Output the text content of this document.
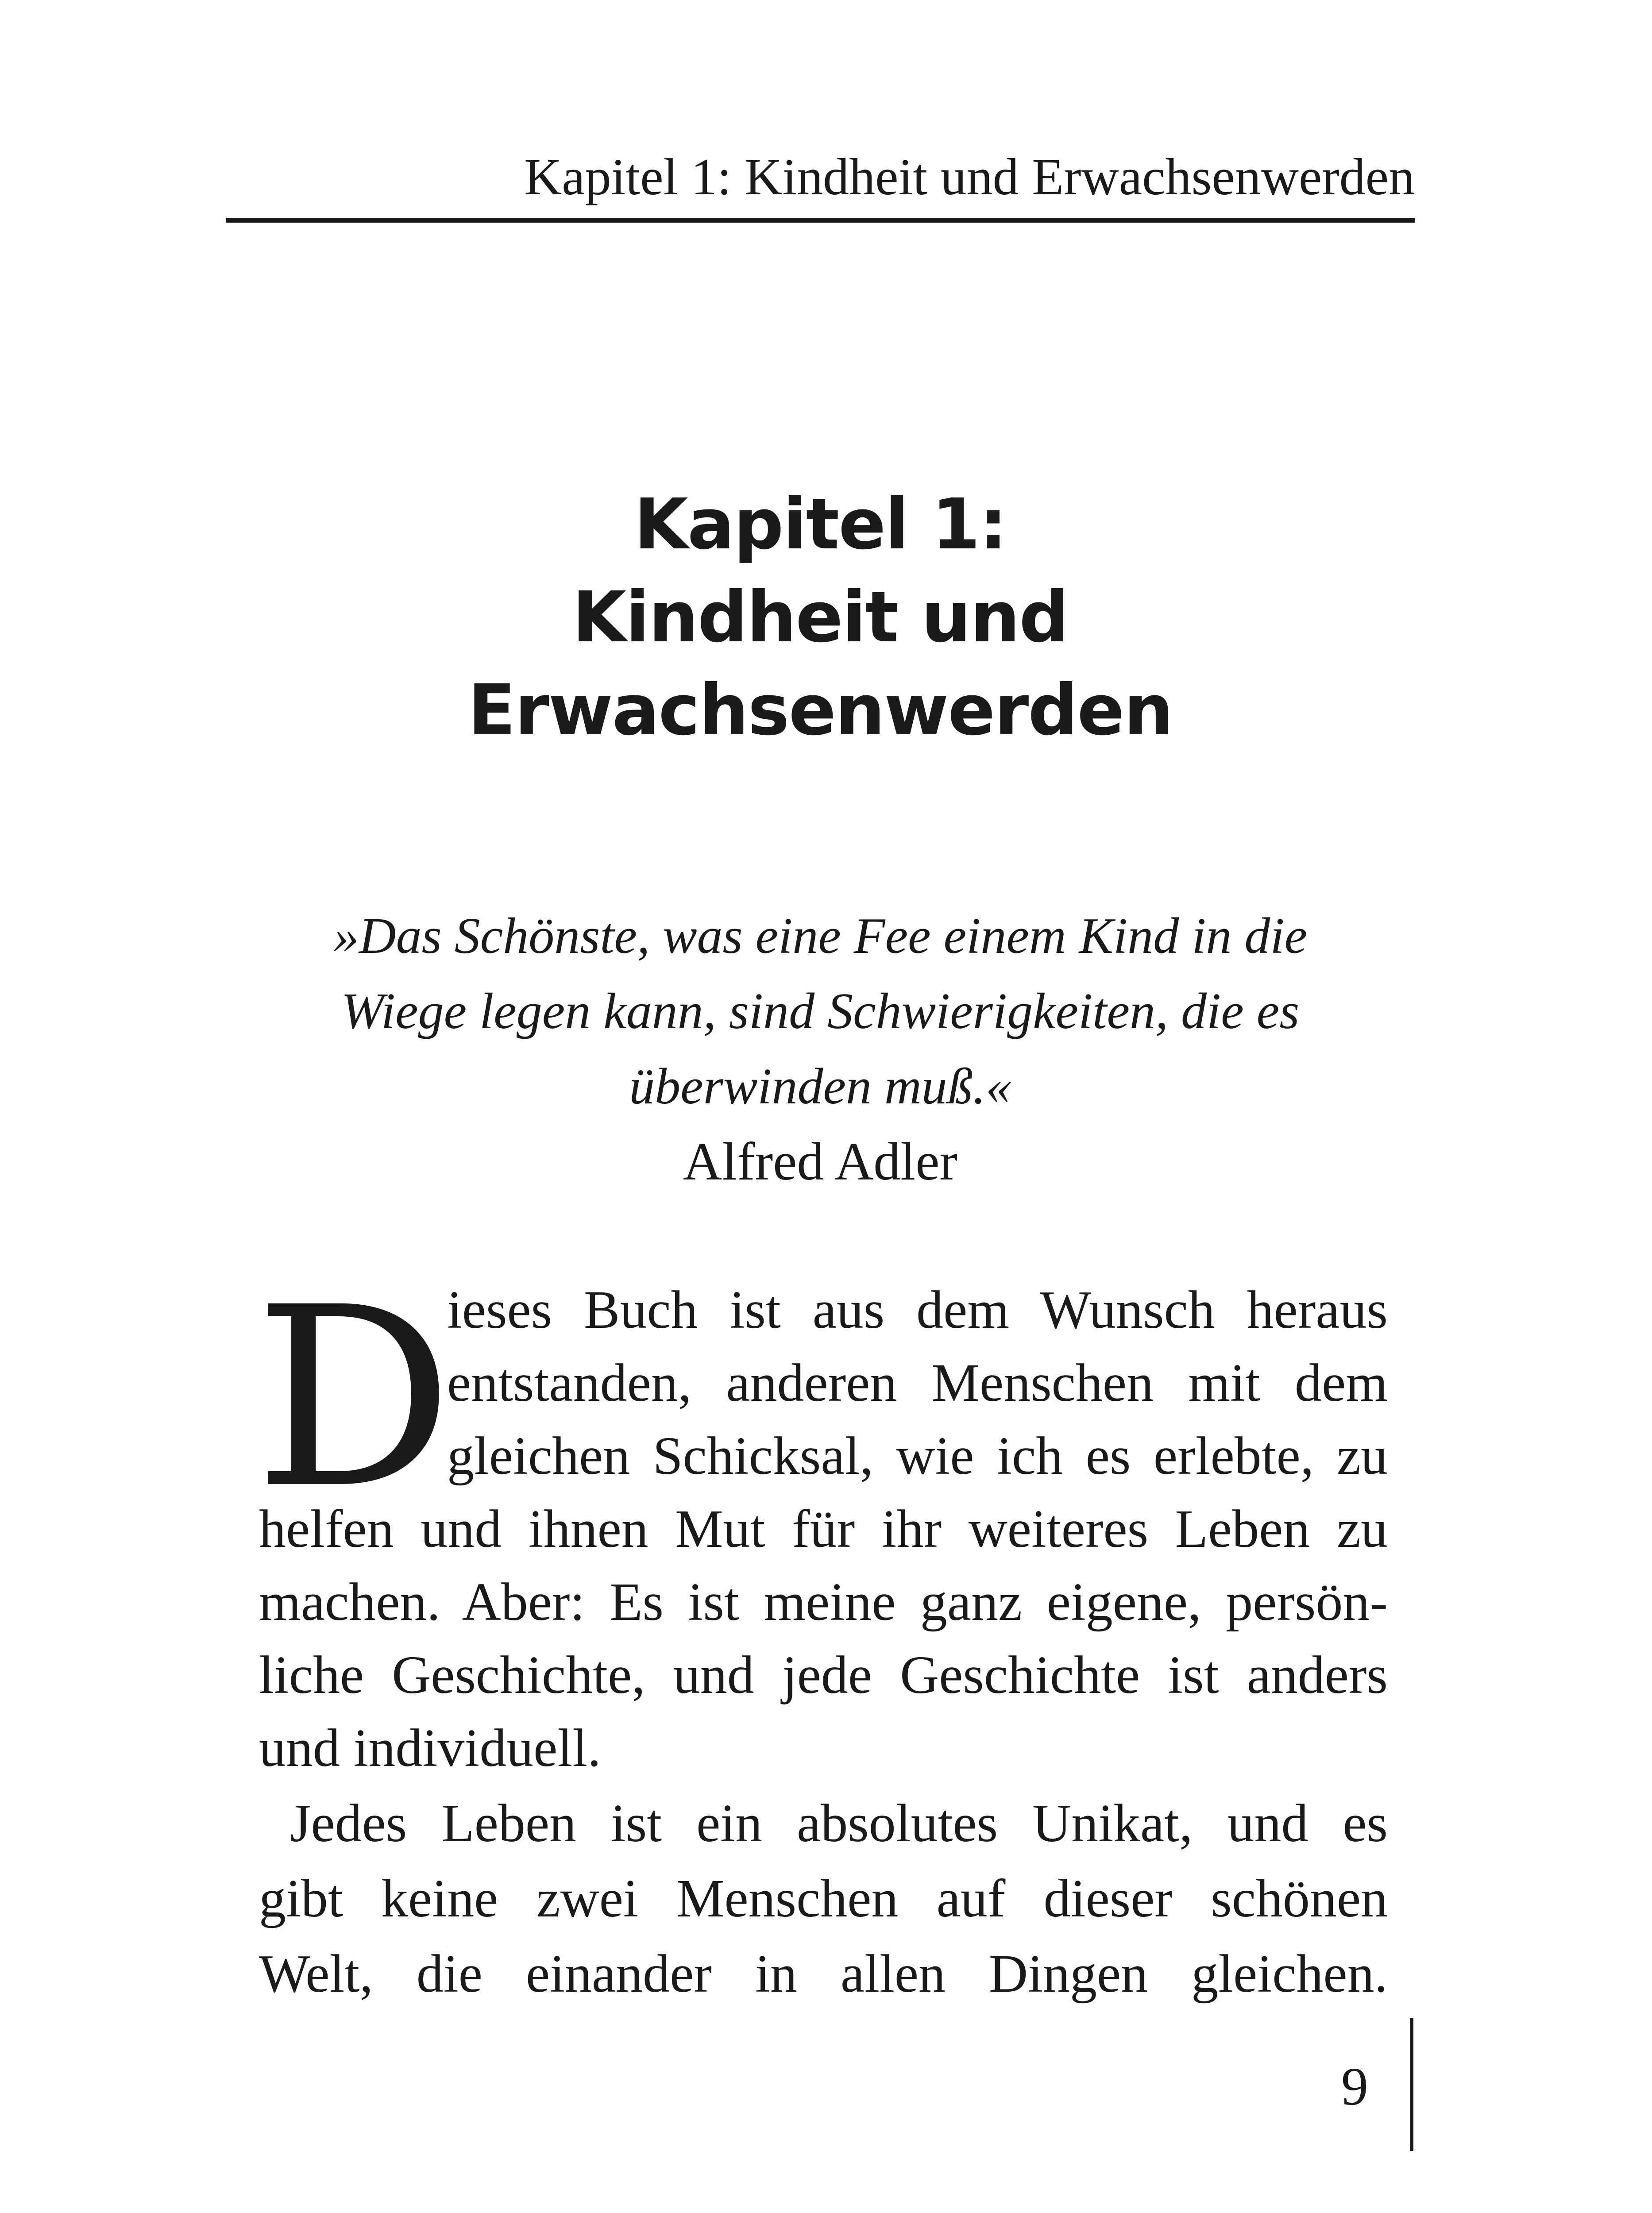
Kapitel 1: Kindheit und Erwachsenwerden
Kapitel 1:
Kindheit und
Erwachsenwerden
»Das Schönste, was eine Fee einem Kind in die
Wiege legen kann, sind Schwierigkeiten, die es
überwinden muß.«
Alfred Adler
D
ieses Buch ist aus dem Wunsch heraus
entstanden, anderen Menschen mit dem
gleichen Schicksal, wie ich es erlebte, zu
helfen und ihnen Mut für ihr weiteres Leben zu
machen. Aber: Es ist meine ganz eigene, persön-
liche Geschichte, und jede Geschichte ist anders
und individuell.
Jedes Leben ist ein absolutes Unikat, und es
gibt keine zwei Menschen auf dieser schönen
Welt, die einander in allen Dingen gleichen.
9
